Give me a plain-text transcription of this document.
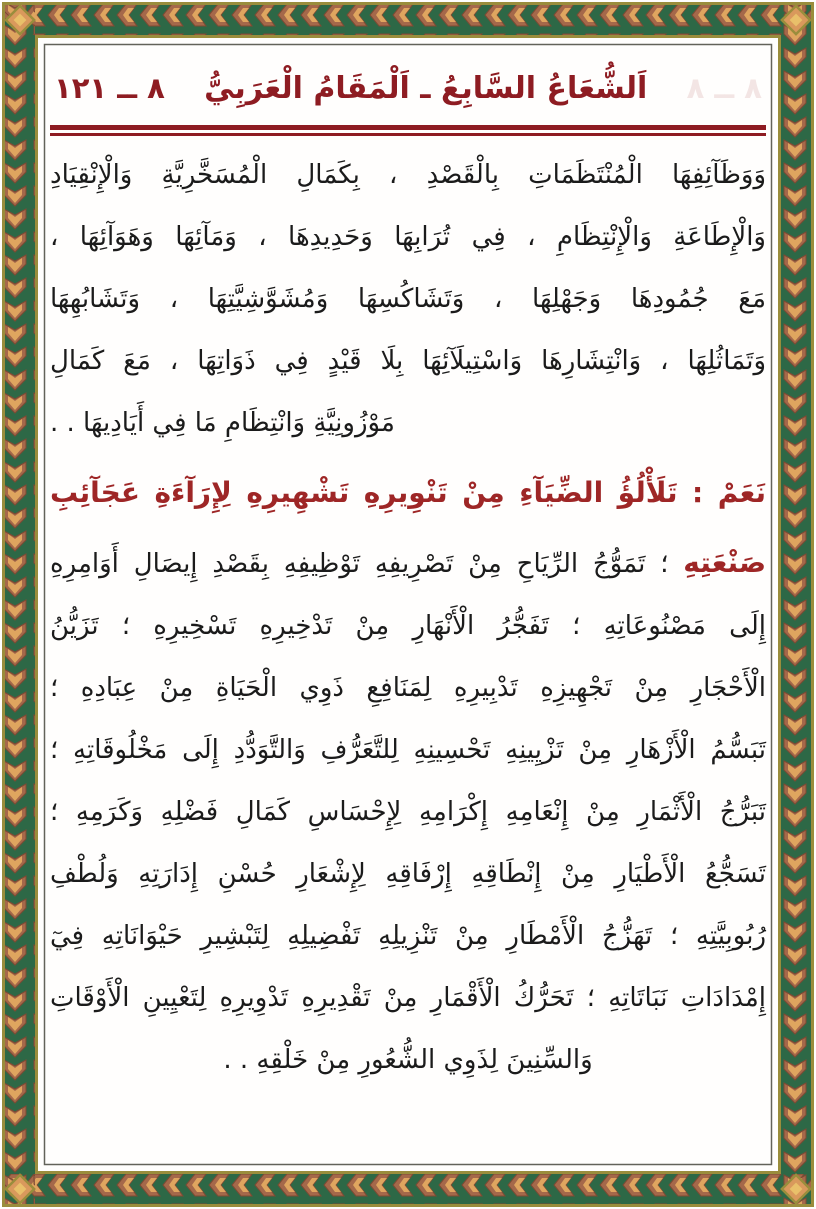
٨ ــ ٨
اَلشُّعَاعُ السَّابِعُ ـ اَلْمَقَامُ الْعَرَبِيُّ
٨ ــ ١٢١
وَوَظَآئِفِهَا الْمُنْتَظَمَاتِ بِالْقَصْدِ ، بِكَمَالِ الْمُسَخَّرِيَّةِ وَالْإِنْقِيَادِ
وَالْإِطَاعَةِ وَالْإِنْتِظَامِ ، فِي تُرَابِهَا وَحَدِيدِهَا ، وَمَآئِهَا وَهَوَآئِهَا ،
مَعَ جُمُودِهَا وَجَهْلِهَا ، وَتَشَاكُسِهَا وَمُشَوَّشِيَّتِهَا ، وَتَشَابُهِهَا
وَتَمَاثُلِهَا ، وَانْتِشَارِهَا وَاسْتِيلَآئِهَا بِلَا قَيْدٍ فِي ذَوَاتِهَا ، مَعَ كَمَالِ
مَوْزُونِيَّةِ وَانْتِظَامِ مَا فِي أَيَادِيهَا . .
نَعَمْ : تَلَأْلُؤُ الضِّيَآءِ مِنْ تَنْوِيرِهِ تَشْهِيرِهِ لِإِرَآءَةِ عَجَآئِبِ
صَنْعَتِهِ ؛ تَمَوُّجُ الرِّيَاحِ مِنْ تَصْرِيفِهِ تَوْظِيفِهِ بِقَصْدِ إِيصَالِ أَوَامِرِهِ
إِلَى مَصْنُوعَاتِهِ ؛ تَفَجُّرُ الْأَنْهَارِ مِنْ تَدْخِيرِهِ تَسْخِيرِهِ ؛ تَزَيُّنُ
الْأَحْجَارِ مِنْ تَجْهِيزِهِ تَدْبِيرِهِ لِمَنَافِعِ ذَوِي الْحَيَاةِ مِنْ عِبَادِهِ ؛
تَبَسُّمُ الْأَزْهَارِ مِنْ تَزْيِينِهِ تَحْسِينِهِ لِلتَّعَرُّفِ وَالتَّوَدُّدِ إِلَى مَخْلُوقَاتِهِ ؛
تَبَرُّجُ الْأَثْمَارِ مِنْ إِنْعَامِهِ إِكْرَامِهِ لِإِحْسَاسِ كَمَالِ فَضْلِهِ وَكَرَمِهِ ؛
تَسَجُّعُ الْأَطْيَارِ مِنْ إِنْطَاقِهِ إِرْفَاقِهِ لِإِشْعَارِ حُسْنِ إِدَارَتِهِ وَلُطْفِ
رُبُوبِيَّتِهِ ؛ تَهَزُّجُ الْأَمْطَارِ مِنْ تَنْزِيلِهِ تَفْضِيلِهِ لِتَبْشِيرِ حَيْوَانَاتِهِ فِيٓ
إِمْدَادَاتِ نَبَاتَاتِهِ ؛ تَحَرُّكُ الْأَقْمَارِ مِنْ تَقْدِيرِهِ تَدْوِيرِهِ لِتَعْيِينِ الْأَوْقَاتِ
وَالسِّنِينَ لِذَوِي الشُّعُورِ مِنْ خَلْقِهِ . .
